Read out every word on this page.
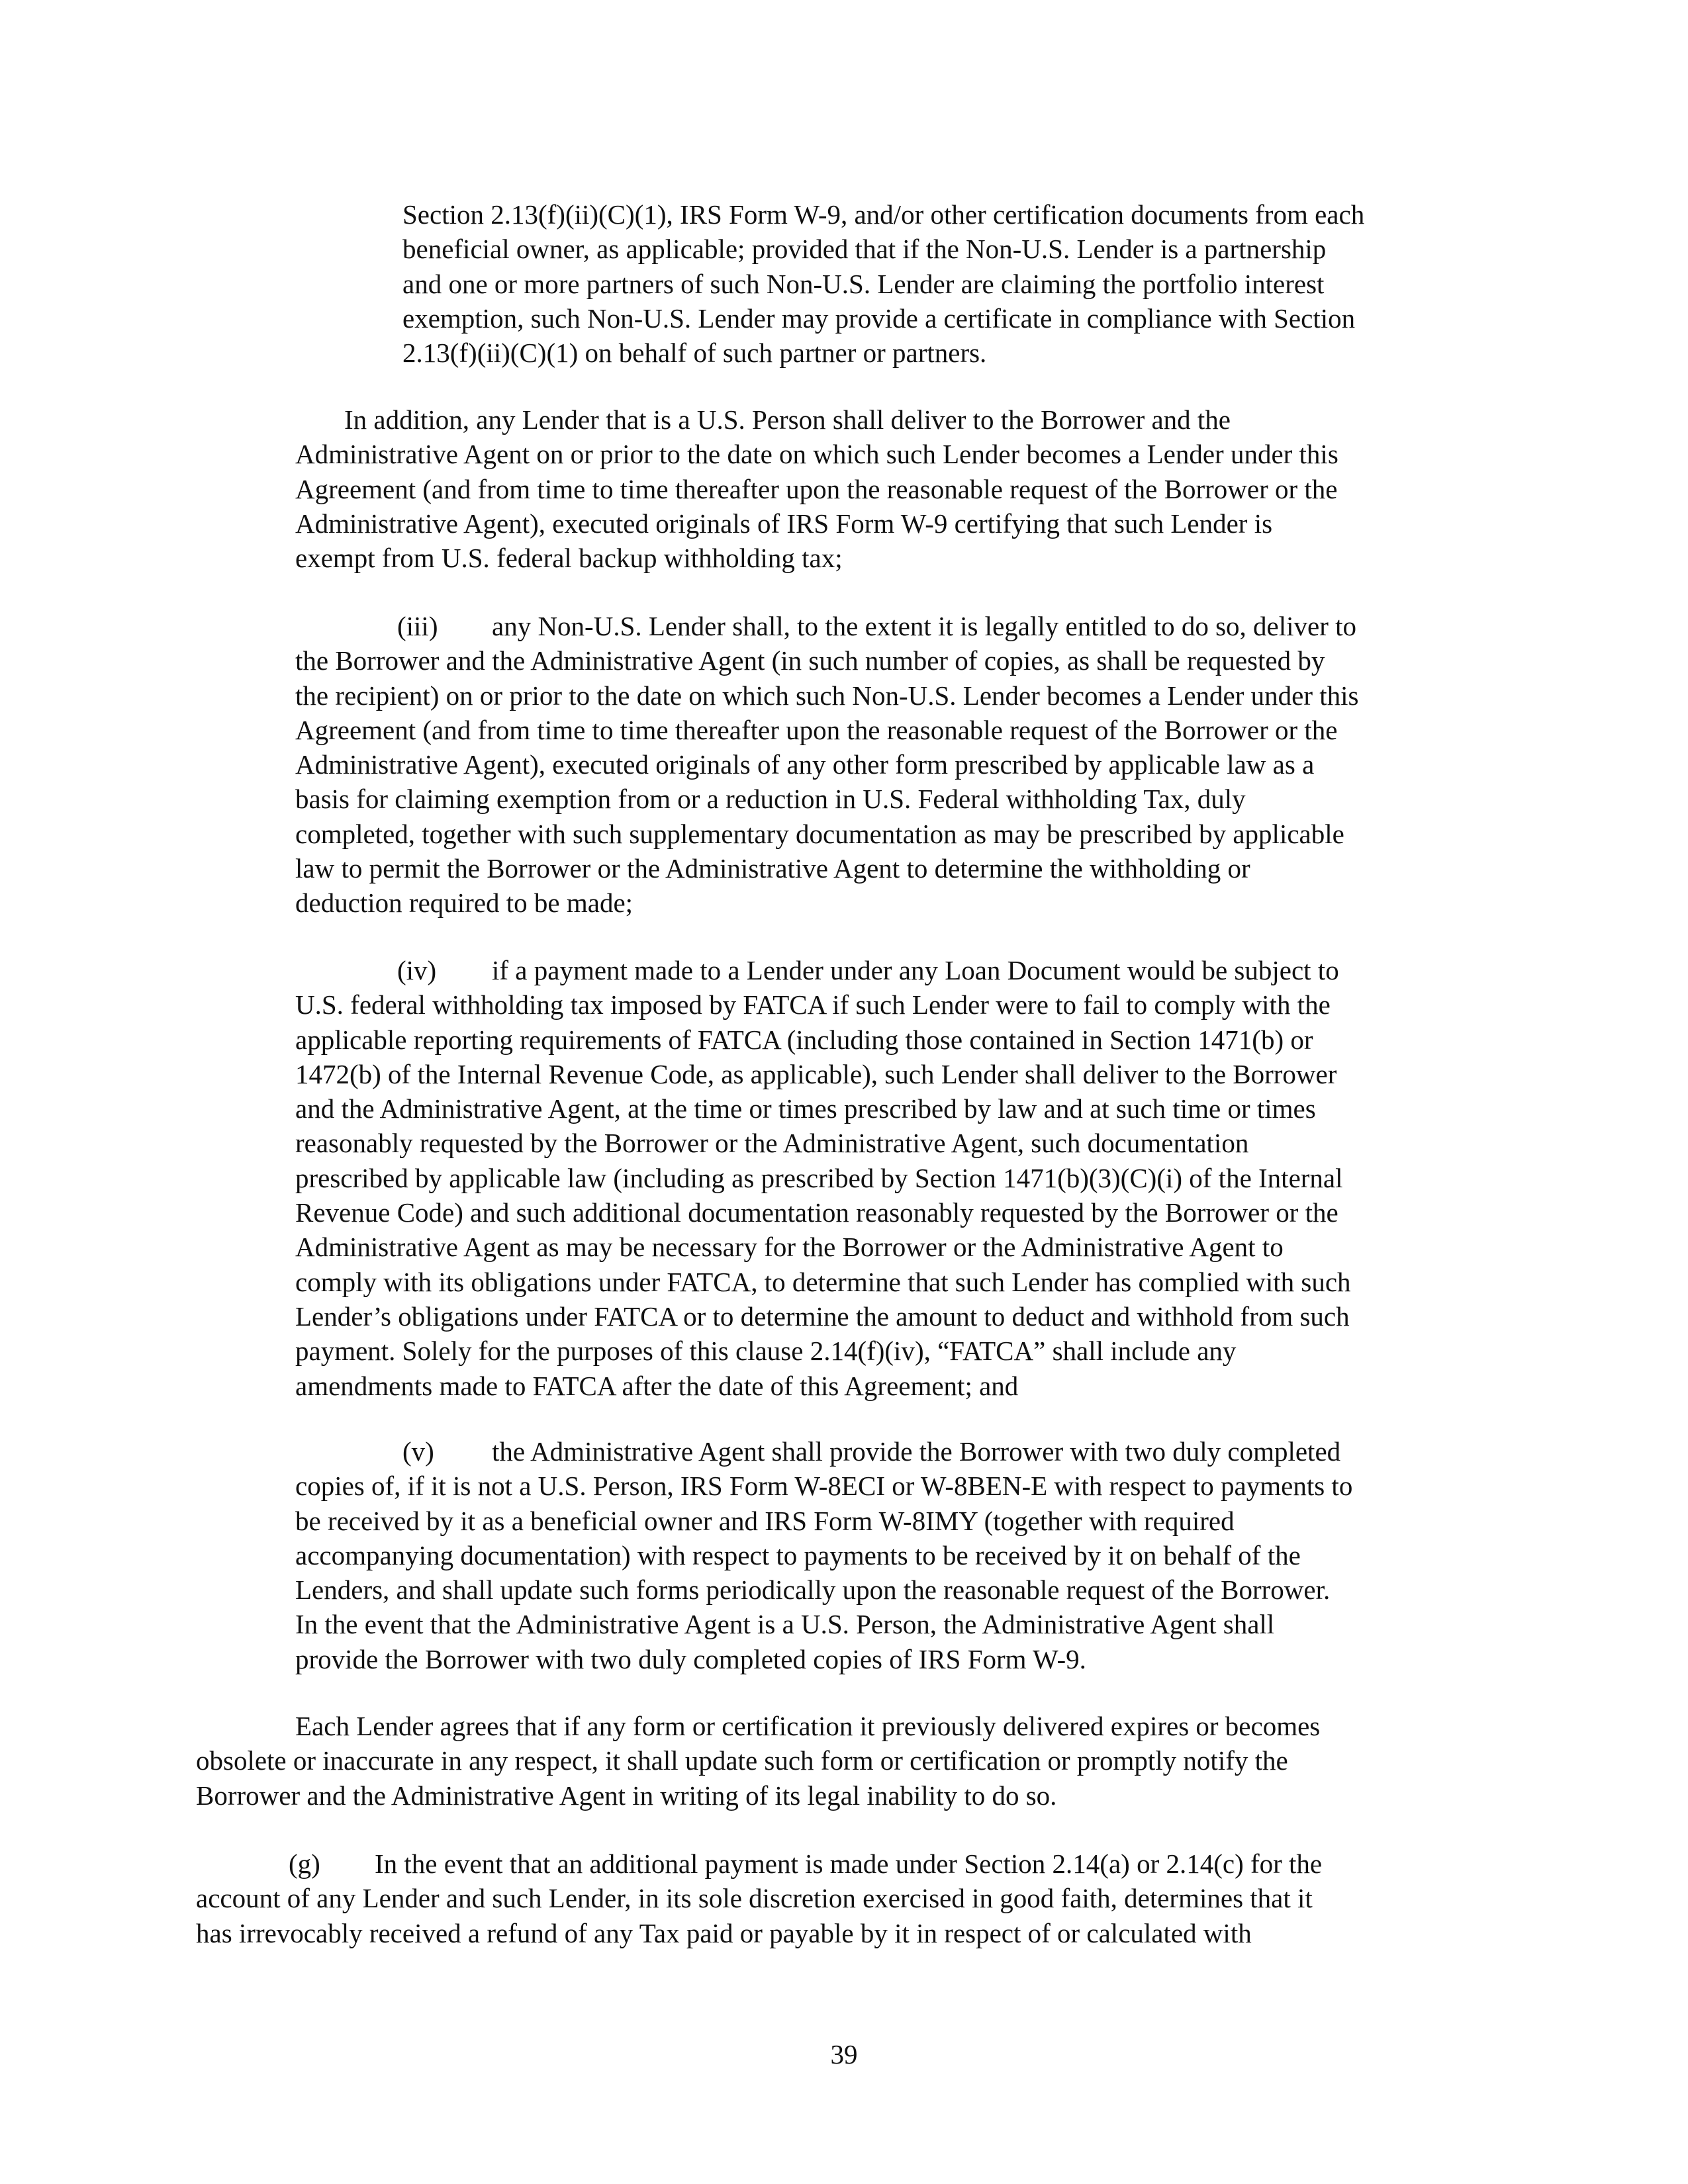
Section 2.13(f)(ii)(C)(1), IRS Form W-9, and/or other certification documents from each
beneficial owner, as applicable; provided that if the Non-U.S. Lender is a partnership
and one or more partners of such Non-U.S. Lender are claiming the portfolio interest
exemption, such Non-U.S. Lender may provide a certificate in compliance with Section
2.13(f)(ii)(C)(1) on behalf of such partner or partners.
In addition, any Lender that is a U.S. Person shall deliver to the Borrower and the
Administrative Agent on or prior to the date on which such Lender becomes a Lender under this
Agreement (and from time to time thereafter upon the reasonable request of the Borrower or the
Administrative Agent), executed originals of IRS Form W-9 certifying that such Lender is
exempt from U.S. federal backup withholding tax;
(iii) any Non-U.S. Lender shall, to the extent it is legally entitled to do so, deliver to
the Borrower and the Administrative Agent (in such number of copies, as shall be requested by
the recipient) on or prior to the date on which such Non-U.S. Lender becomes a Lender under this
Agreement (and from time to time thereafter upon the reasonable request of the Borrower or the
Administrative Agent), executed originals of any other form prescribed by applicable law as a
basis for claiming exemption from or a reduction in U.S. Federal withholding Tax, duly
completed, together with such supplementary documentation as may be prescribed by applicable
law to permit the Borrower or the Administrative Agent to determine the withholding or
deduction required to be made;
(iv) if a payment made to a Lender under any Loan Document would be subject to
U.S. federal withholding tax imposed by FATCA if such Lender were to fail to comply with the
applicable reporting requirements of FATCA (including those contained in Section 1471(b) or
1472(b) of the Internal Revenue Code, as applicable), such Lender shall deliver to the Borrower
and the Administrative Agent, at the time or times prescribed by law and at such time or times
reasonably requested by the Borrower or the Administrative Agent, such documentation
prescribed by applicable law (including as prescribed by Section 1471(b)(3)(C)(i) of the Internal
Revenue Code) and such additional documentation reasonably requested by the Borrower or the
Administrative Agent as may be necessary for the Borrower or the Administrative Agent to
comply with its obligations under FATCA, to determine that such Lender has complied with such
Lender’s obligations under FATCA or to determine the amount to deduct and withhold from such
payment. Solely for the purposes of this clause 2.14(f)(iv), “FATCA” shall include any
amendments made to FATCA after the date of this Agreement; and
(v) the Administrative Agent shall provide the Borrower with two duly completed
copies of, if it is not a U.S. Person, IRS Form W-8ECI or W-8BEN-E with respect to payments to
be received by it as a beneficial owner and IRS Form W-8IMY (together with required
accompanying documentation) with respect to payments to be received by it on behalf of the
Lenders, and shall update such forms periodically upon the reasonable request of the Borrower.
In the event that the Administrative Agent is a U.S. Person, the Administrative Agent shall
provide the Borrower with two duly completed copies of IRS Form W-9.
Each Lender agrees that if any form or certification it previously delivered expires or becomes
obsolete or inaccurate in any respect, it shall update such form or certification or promptly notify the
Borrower and the Administrative Agent in writing of its legal inability to do so.
(g) In the event that an additional payment is made under Section 2.14(a) or 2.14(c) for the
account of any Lender and such Lender, in its sole discretion exercised in good faith, determines that it
has irrevocably received a refund of any Tax paid or payable by it in respect of or calculated with
39
